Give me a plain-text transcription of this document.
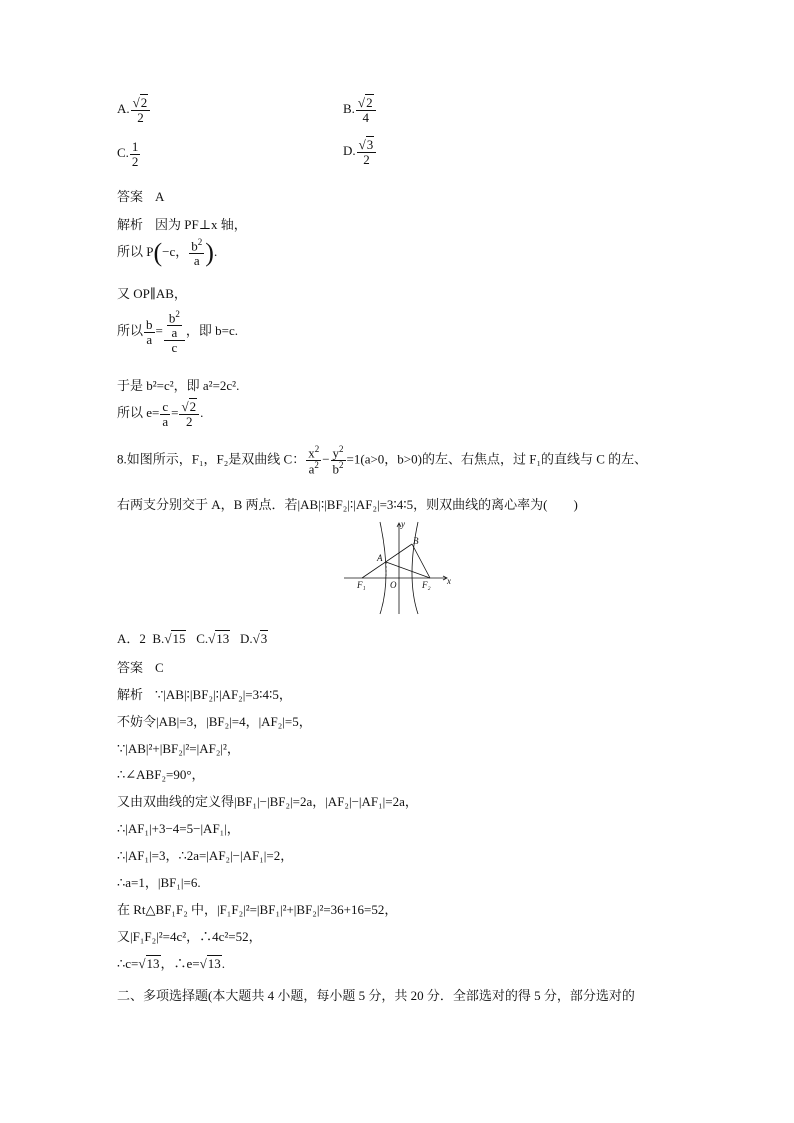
A. $\frac{√2}{2}$	B. $\frac{√2}{4}$
C. $\frac{1}{2}$	D. $\frac{√3}{2}$
答案 A
解析 因为 PF⊥x 轴，
所以 P(−c， $\frac{b^2}{a}$ ).
又 OP∥AB，
所以 $\frac{b}{a} = \frac{\frac{b^2}{a}}{c}$ ，即 b=c.
于是 b²=c²，即 a²=2c².
所以 $e= \frac{c}{a} = \frac{√2}{2}$ .
8.如图所示，F₁，F₂是双曲线 C： $\frac{x^2}{a^2} - \frac{y^2}{b^2} =1(a>0$，b>0)的左、右焦点，过 F₁的直线与 C 的左、
右两支分别交于 A，B 两点．若|AB|∶|BF₂|∶|AF₂|=3∶4∶5，则双曲线的离心率为(　　)
y
x
A
B
O
F₁	F₂
A．2 B.√15 C.√13 D.√3
答案 C
解析 ∵|AB|∶|BF₂|∶|AF₂|=3∶4∶5，
不妨令|AB|=3，|BF₂|=4，|AF₂|=5，
∵|AB|²+|BF₂|²=|AF₂|²，
∴∠ABF₂=90°，
又由双曲线的定义得|BF₁|−|BF₂|=2a，|AF₂|−|AF₁|=2a，
∴|AF₁|+3−4=5−|AF₁|，
∴|AF₁|=3，∴2a=|AF₂|−|AF₁|=2，
∴a=1，|BF₁|=6.
在 Rt△BF₁F₂ 中，|F₁F₂|²=|BF₁|²+|BF₂|²=36+16=52，
又|F₁F₂|²=4c²，∴4c²=52，
∴c=√13，∴e=√13.
二、多项选择题(本大题共 4 小题，每小题 5 分，共 20 分．全部选对的得 5 分，部分选对的
